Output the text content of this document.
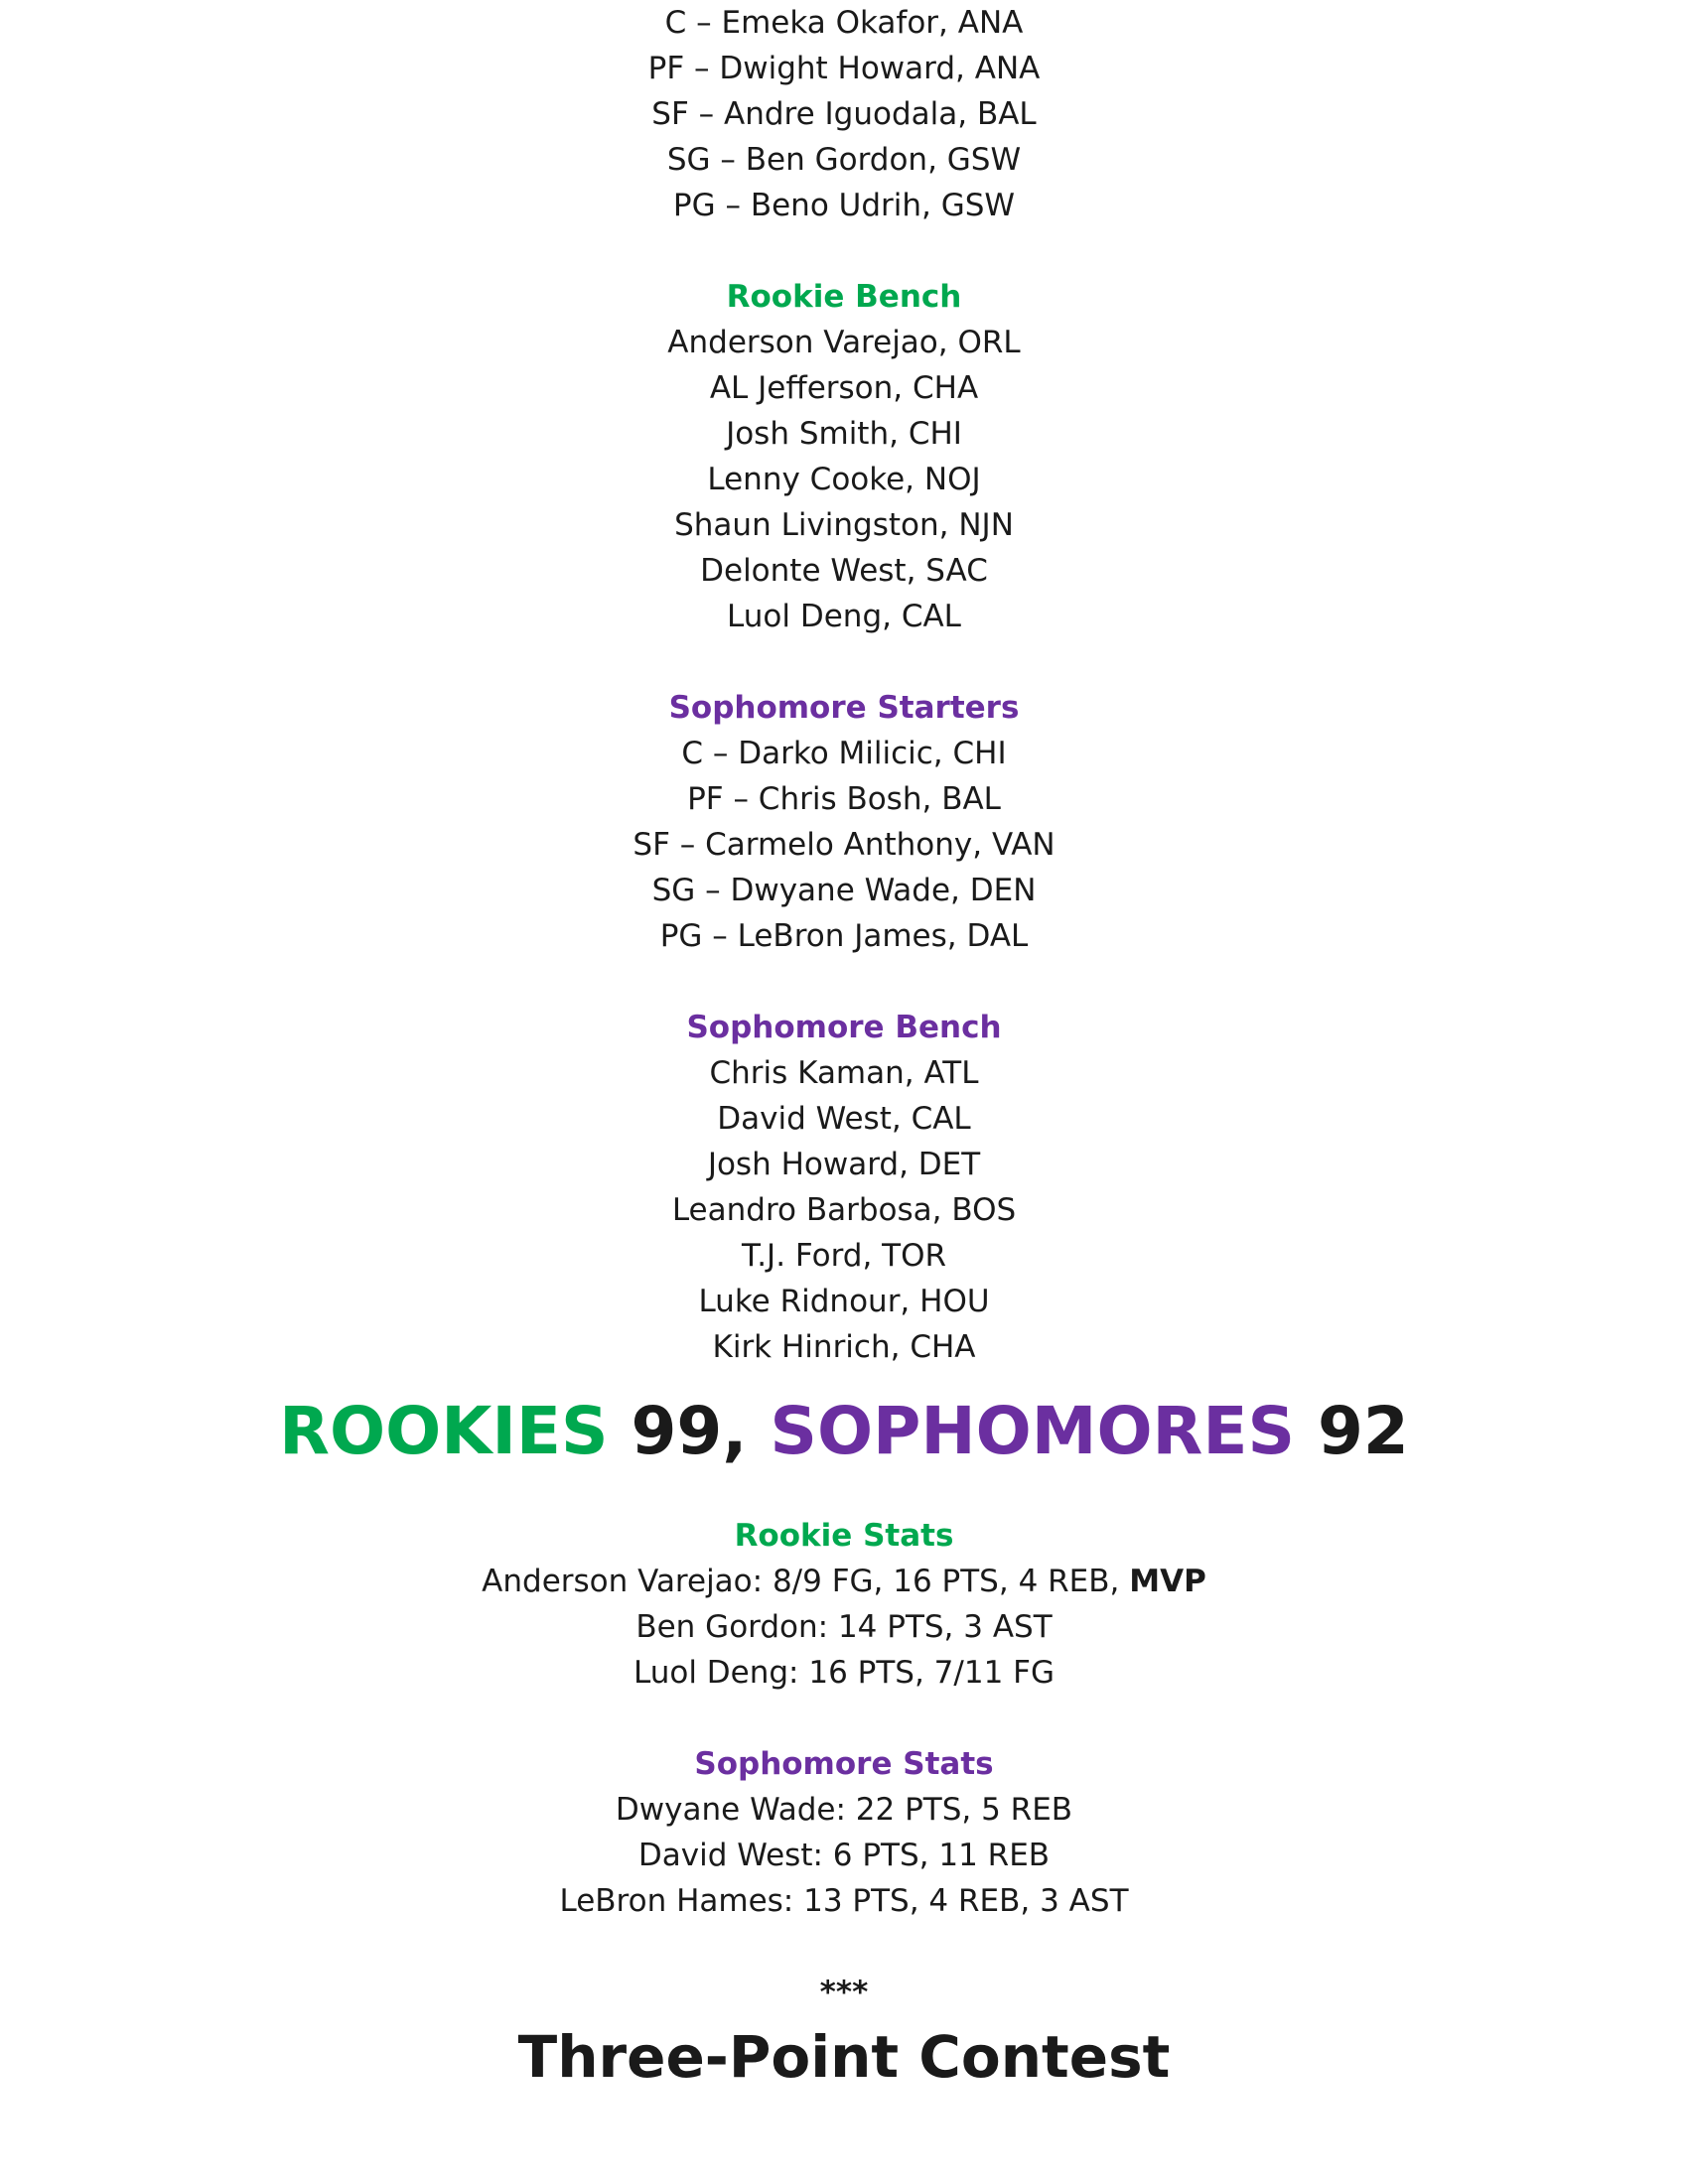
C – Emeka Okafor, ANA
PF – Dwight Howard, ANA
SF – Andre Iguodala, BAL
SG – Ben Gordon, GSW
PG – Beno Udrih, GSW
Rookie Bench
Anderson Varejao, ORL
AL Jefferson, CHA
Josh Smith, CHI
Lenny Cooke, NOJ
Shaun Livingston, NJN
Delonte West, SAC
Luol Deng, CAL
Sophomore Starters
C – Darko Milicic, CHI
PF – Chris Bosh, BAL
SF – Carmelo Anthony, VAN
SG – Dwyane Wade, DEN
PG – LeBron James, DAL
Sophomore Bench
Chris Kaman, ATL
David West, CAL
Josh Howard, DET
Leandro Barbosa, BOS
T.J. Ford, TOR
Luke Ridnour, HOU
Kirk Hinrich, CHA
ROOKIES 99, SOPHOMORES 92
Rookie Stats
Anderson Varejao: 8/9 FG, 16 PTS, 4 REB, MVP
Ben Gordon: 14 PTS, 3 AST
Luol Deng: 16 PTS, 7/11 FG
Sophomore Stats
Dwyane Wade: 22 PTS, 5 REB
David West: 6 PTS, 11 REB
LeBron Hames: 13 PTS, 4 REB, 3 AST
***
Three-Point Contest
